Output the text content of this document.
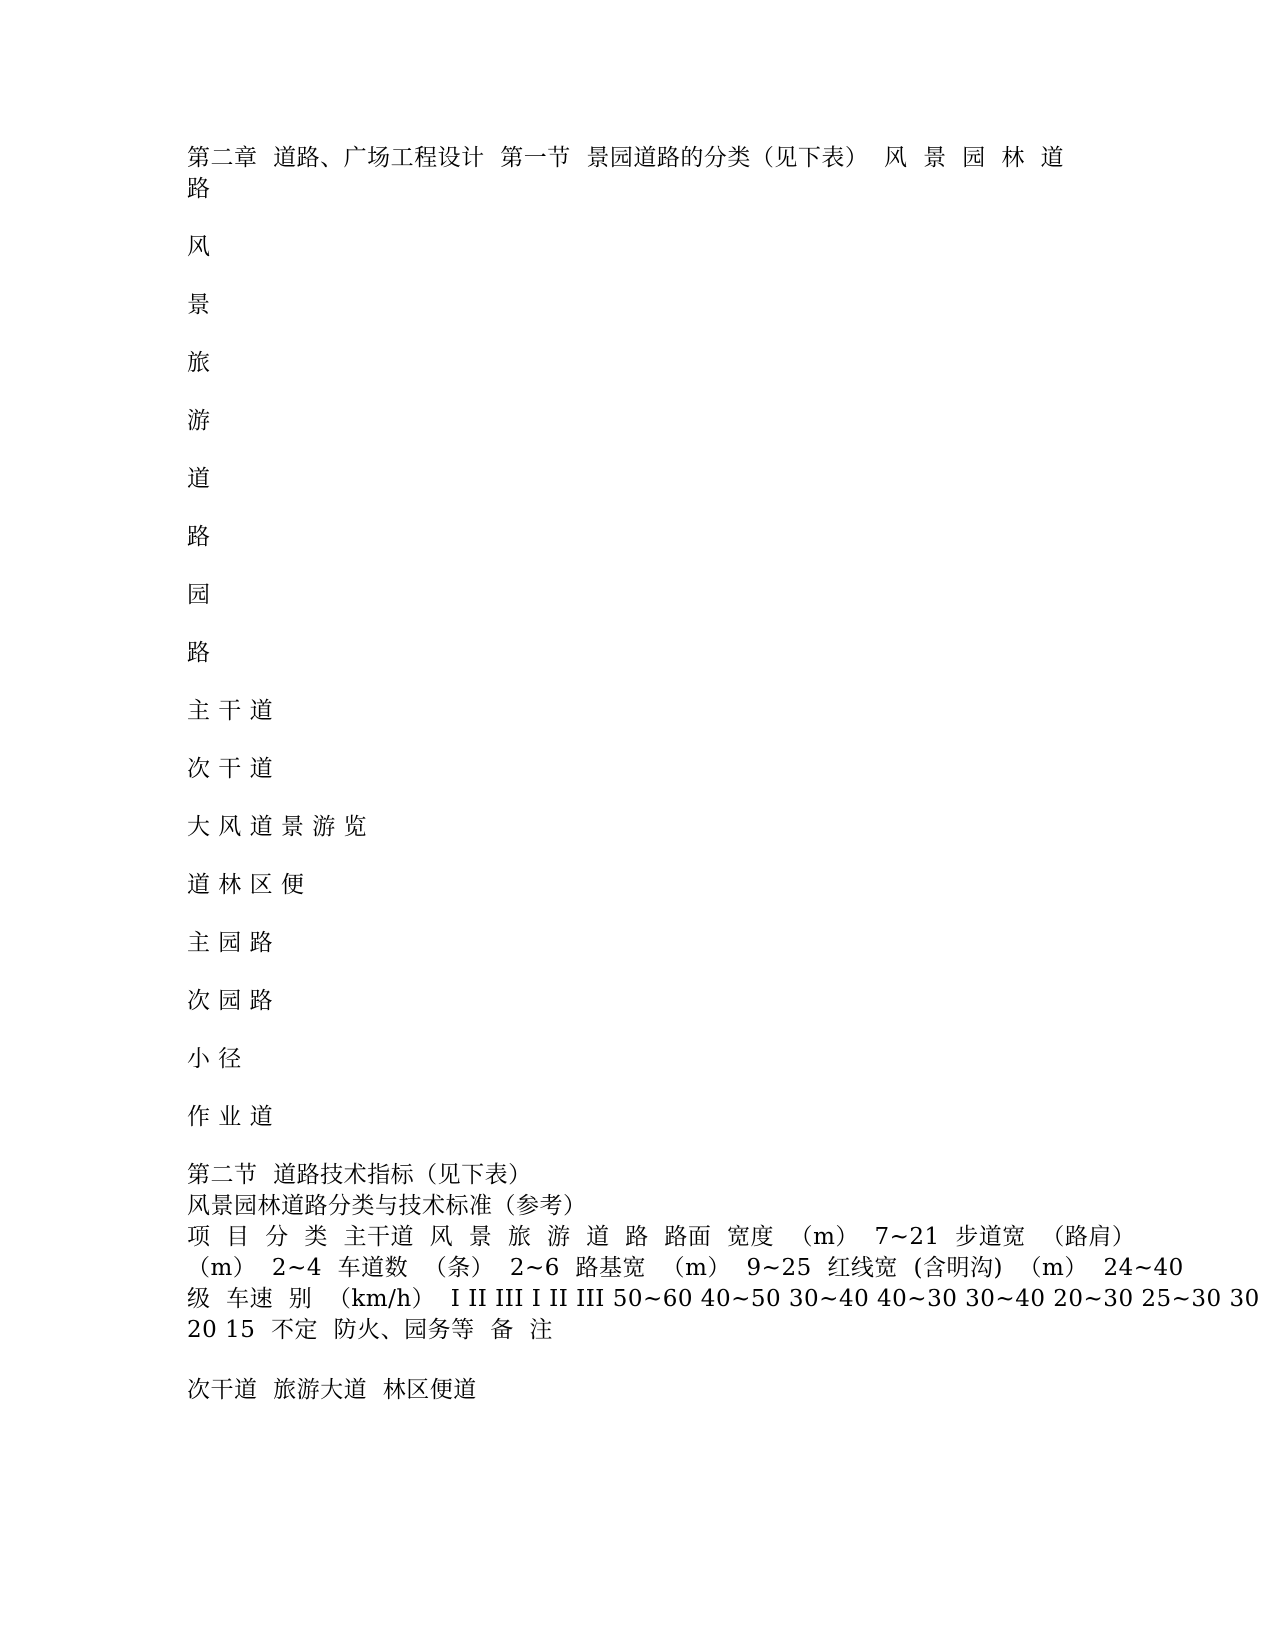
第二章  道路、广场工程设计  第一节  景园道路的分类（见下表）  风  景  园  林  道
路
风
景
旅
游
道
路
园
路
主 干 道
次 干 道
大 风 道 景 游 览
道 林 区 便
主 园 路
次 园 路
小 径
作 业 道
第二节  道路技术指标（见下表）
风景园林道路分类与技术标准（参考）
项  目  分  类  主干道  风  景  旅  游  道  路  路面  宽度  （m）  7~21  步道宽  （路肩）
（m）  2~4  车道数  （条）  2~6  路基宽  （m）  9~25  红线宽  (含明沟)  （m）  24~40
级  车速  别  （km/h）  I II III I II III 50~60 40~50 30~40 40~30 30~40 20~30 25~30 30
20 15  不定  防火、园务等  备  注
次干道  旅游大道  林区便道
